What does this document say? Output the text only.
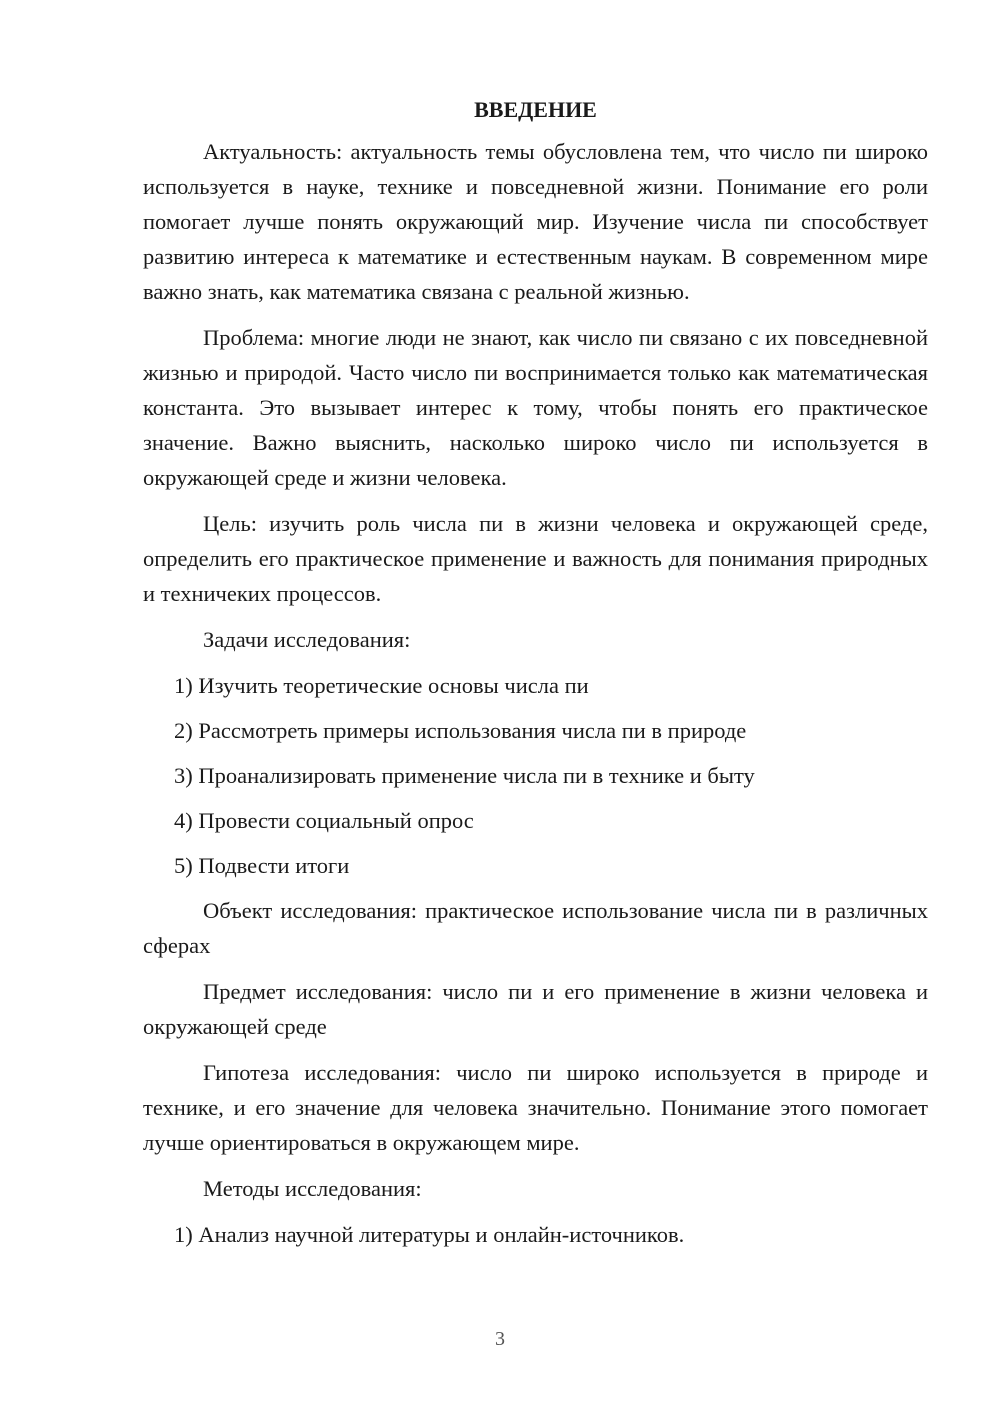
ВВЕДЕНИЕ

Актуальность: актуальность темы обусловлена тем, что число пи широко используется в науке, технике и повседневной жизни. Понимание его роли помогает лучше понять окружающий мир. Изучение числа пи способствует развитию интереса к математике и естественным наукам. В современном мире важно знать, как математика связана с реальной жизнью.

Проблема: многие люди не знают, как число пи связано с их повседневной жизнью и природой. Часто число пи воспринимается только как математическая константа. Это вызывает интерес к тому, чтобы понять его практическое значение. Важно выяснить, насколько широко число пи используется в окружающей среде и жизни человека.

Цель: изучить роль числа пи в жизни человека и окружающей среде, определить его практическое применение и важность для понимания природных и техничеких процессов.

Задачи исследования:

1) Изучить теоретические основы числа пи
2) Рассмотреть примеры использования числа пи в природе
3) Проанализировать применение числа пи в технике и быту
4) Провести социальный опрос
5) Подвести итоги

Объект исследования: практическое использование числа пи в различных сферах

Предмет исследования: число пи и его применение в жизни человека и окружающей среде

Гипотеза исследования: число пи широко используется в природе и технике, и его значение для человека значительно. Понимание этого помогает лучше ориентироваться в окружающем мире.

Методы исследования:

1) Анализ научной литературы и онлайн-источников.
3
